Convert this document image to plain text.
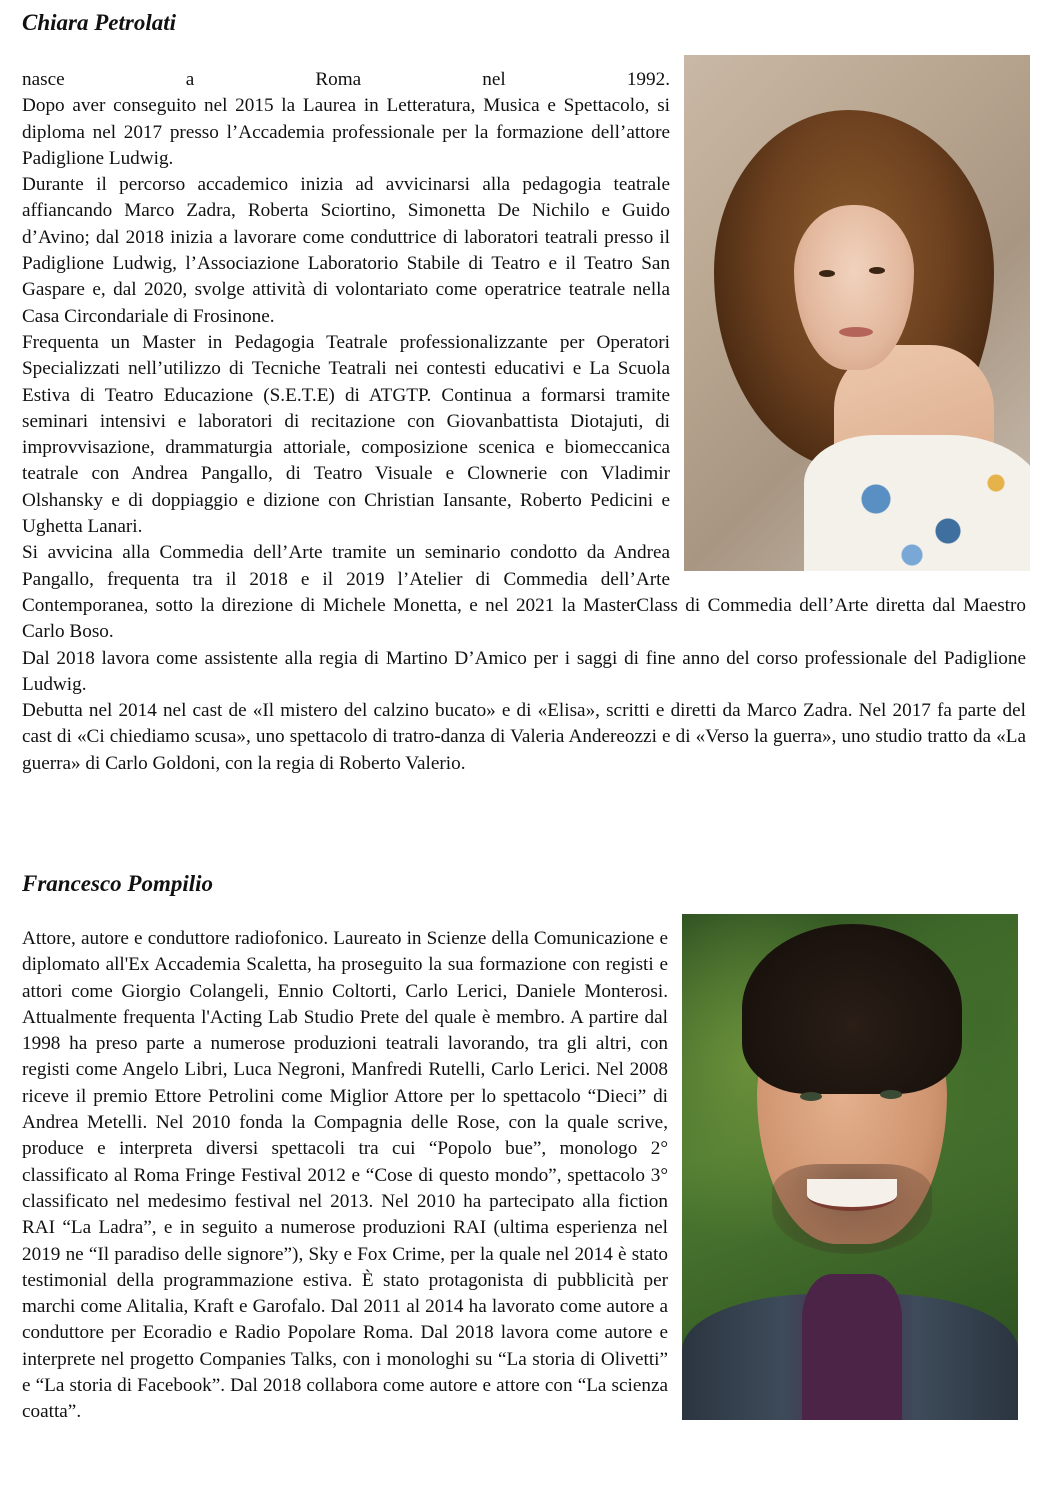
Chiara Petrolati

nasce a Roma nel 1992.

Dopo aver conseguito nel 2015 la Laurea in Letteratura, Musica e Spettacolo, si diploma nel 2017 presso l’Accademia professionale per la formazione dell’attore Padiglione Ludwig.

Durante il percorso accademico inizia ad avvicinarsi alla pedagogia teatrale affiancando Marco Zadra, Roberta Sciortino, Simonetta De Nichilo e Guido d’Avino; dal 2018 inizia a lavorare come conduttrice di laboratori teatrali presso il Padiglione Ludwig, l’Associazione Laboratorio Stabile di Teatro e il Teatro San Gaspare e, dal 2020, svolge attività di volontariato come operatrice teatrale nella Casa Circondariale di Frosinone.

Frequenta un Master in Pedagogia Teatrale professionalizzante per Operatori Specializzati nell’utilizzo di Tecniche Teatrali nei contesti educativi e La Scuola Estiva di Teatro Educazione (S.E.T.E) di ATGTP. Continua a formarsi tramite seminari intensivi e laboratori di recitazione con Giovanbattista Diotajuti, di improvvisazione, drammaturgia attoriale, composizione scenica e biomeccanica teatrale con Andrea Pangallo, di Teatro Visuale e Clownerie con Vladimir Olshansky e di doppiaggio e dizione con Christian Iansante, Roberto Pedicini e Ughetta Lanari.

Si avvicina alla Commedia dell’Arte tramite un seminario condotto da Andrea Pangallo, frequenta tra il 2018 e il 2019 l’Atelier di Commedia dell’Arte Contemporanea, sotto la direzione di Michele Monetta, e nel 2021 la MasterClass di Commedia dell’Arte diretta dal Maestro Carlo Boso.

Dal 2018 lavora come assistente alla regia di Martino D’Amico per i saggi di fine anno del corso professionale del Padiglione Ludwig.

Debutta nel 2014 nel cast de «Il mistero del calzino bucato» e di «Elisa», scritti e diretti da Marco Zadra. Nel 2017 fa parte del cast di «Ci chiediamo scusa», uno spettacolo di tratro-danza di Valeria Andereozzi e di «Verso la guerra», uno studio tratto da «La guerra» di Carlo Goldoni, con la regia di Roberto Valerio.

Francesco Pompilio

Attore, autore e conduttore radiofonico. Laureato in Scienze della Comunicazione e diplomato all'Ex Accademia Scaletta, ha proseguito la sua formazione con registi e attori come Giorgio Colangeli, Ennio Coltorti, Carlo Lerici, Daniele Monterosi. Attualmente frequenta l'Acting Lab Studio Prete del quale è membro. A partire dal 1998 ha preso parte a numerose produzioni teatrali lavorando, tra gli altri, con registi come Angelo Libri, Luca Negroni, Manfredi Rutelli, Carlo Lerici. Nel 2008 riceve il premio Ettore Petrolini come Miglior Attore per lo spettacolo “Dieci” di Andrea Metelli. Nel 2010 fonda la Compagnia delle Rose, con la quale scrive, produce e interpreta diversi spettacoli tra cui “Popolo bue”, monologo 2° classificato al Roma Fringe Festival 2012 e “Cose di questo mondo”, spettacolo 3° classificato nel medesimo festival nel 2013. Nel 2010 ha partecipato alla fiction RAI “La Ladra”, e in seguito a numerose produzioni RAI (ultima esperienza nel 2019 ne “Il paradiso delle signore”), Sky e Fox Crime, per la quale nel 2014 è stato testimonial della programmazione estiva. È stato protagonista di pubblicità per marchi come Alitalia, Kraft e Garofalo. Dal 2011 al 2014 ha lavorato come autore a conduttore per Ecoradio e Radio Popolare Roma. Dal 2018 lavora come autore e interprete nel progetto Companies Talks, con i monologhi su “La storia di Olivetti” e “La storia di Facebook”. Dal 2018 collabora come autore e attore con “La scienza coatta”.
